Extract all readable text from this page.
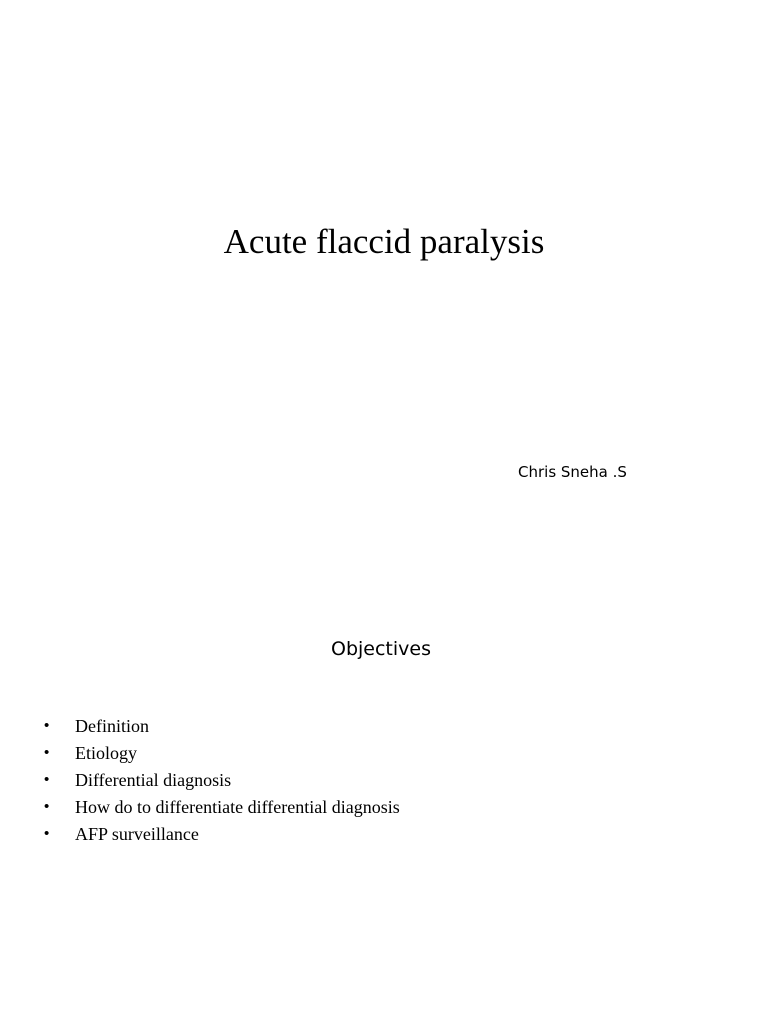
Acute flaccid paralysis
Chris Sneha .S
Objectives
• Definition
• Etiology
• Differential diagnosis
• How do to differentiate differential diagnosis
• AFP surveillance
